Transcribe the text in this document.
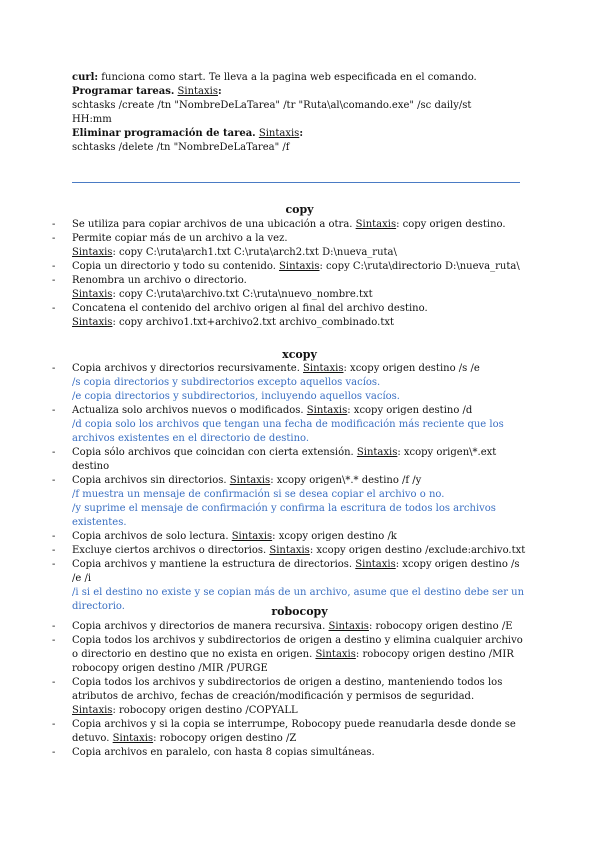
curl: funciona como start. Te lleva a la pagina web especificada en el comando.
Programar tareas. Sintaxis:
schtasks /create /tn "NombreDeLaTarea" /tr "Ruta\al\comando.exe" /sc daily/st HH:mm
Eliminar programación de tarea. Sintaxis:
schtasks /delete /tn "NombreDeLaTarea" /f
copy
- Se utiliza para copiar archivos de una ubicación a otra. Sintaxis: copy origen destino.
- Permite copiar más de un archivo a la vez.
Sintaxis: copy C:\ruta\arch1.txt C:\ruta\arch2.txt D:\nueva_ruta\
- Copia un directorio y todo su contenido. Sintaxis: copy C:\ruta\directorio D:\nueva_ruta\
- Renombra un archivo o directorio.
Sintaxis: copy C:\ruta\archivo.txt C:\ruta\nuevo_nombre.txt
- Concatena el contenido del archivo origen al final del archivo destino.
Sintaxis: copy archivo1.txt+archivo2.txt archivo_combinado.txt
xcopy
- Copia archivos y directorios recursivamente. Sintaxis: xcopy origen destino /s /e
/s copia directorios y subdirectorios excepto aquellos vacíos.
/e copia directorios y subdirectorios, incluyendo aquellos vacíos.
- Actualiza solo archivos nuevos o modificados. Sintaxis: xcopy origen destino /d
/d copia solo los archivos que tengan una fecha de modificación más reciente que los archivos existentes en el directorio de destino.
- Copia sólo archivos que coincidan con cierta extensión. Sintaxis: xcopy origen\*.ext destino
- Copia archivos sin directorios. Sintaxis: xcopy origen\*.* destino /f /y
/f muestra un mensaje de confirmación si se desea copiar el archivo o no.
/y suprime el mensaje de confirmación y confirma la escritura de todos los archivos existentes.
- Copia archivos de solo lectura. Sintaxis: xcopy origen destino /k
- Excluye ciertos archivos o directorios. Sintaxis: xcopy origen destino /exclude:archivo.txt
- Copia archivos y mantiene la estructura de directorios. Sintaxis: xcopy origen destino /s /e /i
/i si el destino no existe y se copian más de un archivo, asume que el destino debe ser un directorio.	robocopy
- Copia archivos y directorios de manera recursiva. Sintaxis: robocopy origen destino /E
- Copia todos los archivos y subdirectorios de origen a destino y elimina cualquier archivo o directorio en destino que no exista en origen. Sintaxis: robocopy origen destino /MIR robocopy origen destino /MIR /PURGE
- Copia todos los archivos y subdirectorios de origen a destino, manteniendo todos los atributos de archivo, fechas de creación/modificación y permisos de seguridad.
Sintaxis: robocopy origen destino /COPYALL
- Copia archivos y si la copia se interrumpe, Robocopy puede reanudarla desde donde se detuvo. Sintaxis: robocopy origen destino /Z
- Copia archivos en paralelo, con hasta 8 copias simultáneas.
